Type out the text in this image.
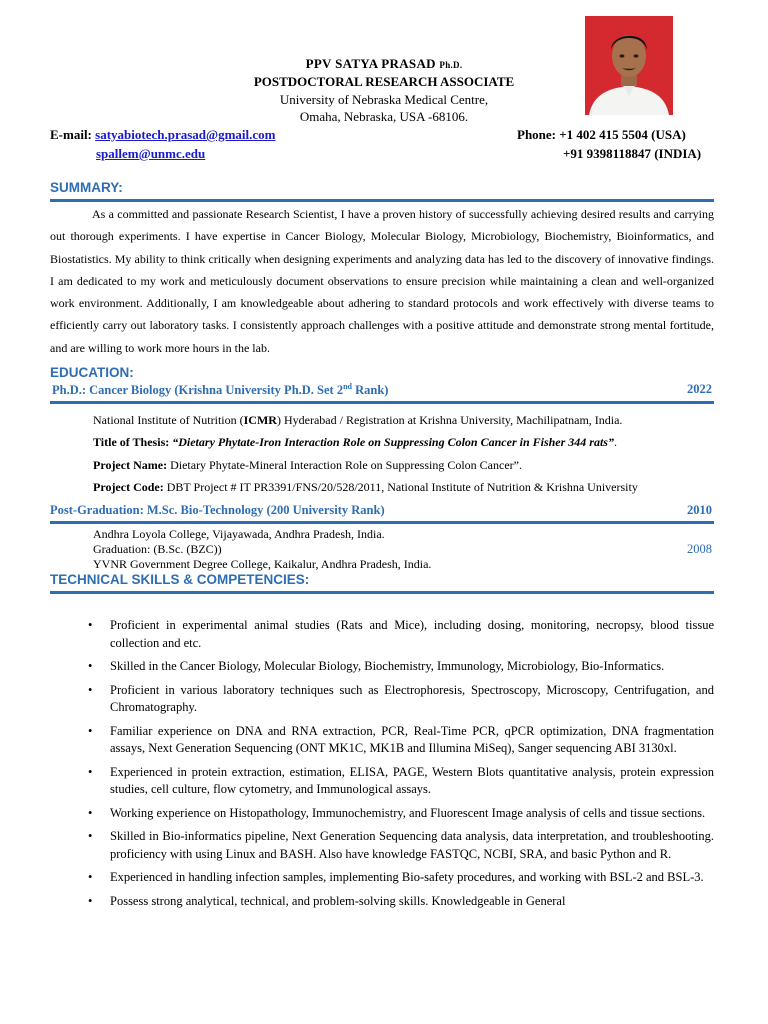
PPV SATYA PRASAD Ph.D.
POSTDOCTORAL RESEARCH ASSOCIATE
University of Nebraska Medical Centre,
Omaha, Nebraska, USA -68106.
E-mail: satyabiotech.prasad@gmail.com
spallem@unmc.edu
Phone: +1 402 415 5504 (USA)
+91 9398118847 (INDIA)
SUMMARY:
As a committed and passionate Research Scientist, I have a proven history of successfully achieving desired results and carrying out thorough experiments. I have expertise in Cancer Biology, Molecular Biology, Microbiology, Biochemistry, Bioinformatics, and Biostatistics. My ability to think critically when designing experiments and analyzing data has led to the discovery of innovative findings. I am dedicated to my work and meticulously document observations to ensure precision while maintaining a clean and well-organized work environment. Additionally, I am knowledgeable about adhering to standard protocols and work effectively with diverse teams to efficiently carry out laboratory tasks. I consistently approach challenges with a positive attitude and demonstrate strong mental fortitude, and are willing to work more hours in the lab.
EDUCATION:
Ph.D.: Cancer Biology (Krishna University Ph.D. Set 2nd Rank)	2022
National Institute of Nutrition (ICMR) Hyderabad / Registration at Krishna University, Machilipatnam, India.
Title of Thesis: “Dietary Phytate-Iron Interaction Role on Suppressing Colon Cancer in Fisher 344 rats”.
Project Name: Dietary Phytate-Mineral Interaction Role on Suppressing Colon Cancer”.
Project Code: DBT Project # IT PR3391/FNS/20/528/2011, National Institute of Nutrition & Krishna University
Post-Graduation: M.Sc. Bio-Technology (200 University Rank)	2010
Andhra Loyola College, Vijayawada, Andhra Pradesh, India.
Graduation: (B.Sc. (BZC))	2008
YVNR Government Degree College, Kaikalur, Andhra Pradesh, India.
TECHNICAL SKILLS & COMPETENCIES:
• Proficient in experimental animal studies (Rats and Mice), including dosing, monitoring, necropsy, blood tissue collection and etc.
• Skilled in the Cancer Biology, Molecular Biology, Biochemistry, Immunology, Microbiology, Bio-Informatics.
• Proficient in various laboratory techniques such as Electrophoresis, Spectroscopy, Microscopy, Centrifugation, and Chromatography.
• Familiar experience on DNA and RNA extraction, PCR, Real-Time PCR, qPCR optimization, DNA fragmentation assays, Next Generation Sequencing (ONT MK1C, MK1B and Illumina MiSeq), Sanger sequencing ABI 3130xl.
• Experienced in protein extraction, estimation, ELISA, PAGE, Western Blots quantitative analysis, protein expression studies, cell culture, flow cytometry, and Immunological assays.
• Working experience on Histopathology, Immunochemistry, and Fluorescent Image analysis of cells and tissue sections.
• Skilled in Bio-informatics pipeline, Next Generation Sequencing data analysis, data interpretation, and troubleshooting. proficiency with using Linux and BASH. Also have knowledge FASTQC, NCBI, SRA, and basic Python and R.
• Experienced in handling infection samples, implementing Bio-safety procedures, and working with BSL-2 and BSL-3.
• Possess strong analytical, technical, and problem-solving skills. Knowledgeable in General
